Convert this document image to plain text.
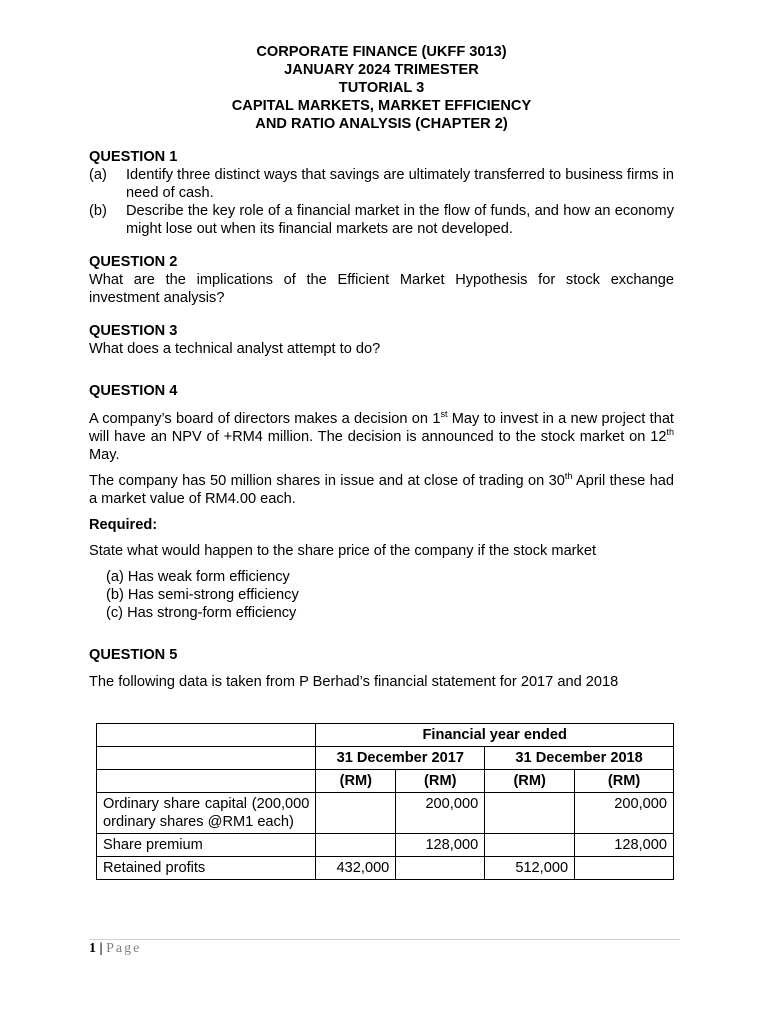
CORPORATE FINANCE (UKFF 3013)
JANUARY 2024 TRIMESTER
TUTORIAL 3
CAPITAL MARKETS, MARKET EFFICIENCY
AND RATIO ANALYSIS (CHAPTER 2)
QUESTION 1
(a)	Identify three distinct ways that savings are ultimately transferred to business firms in need of cash.
(b)	Describe the key role of a financial market in the flow of funds, and how an economy might lose out when its financial markets are not developed.
QUESTION 2

What are the implications of the Efficient Market Hypothesis for stock exchange investment analysis?

QUESTION 3

What does a technical analyst attempt to do?

QUESTION 4

A company’s board of directors makes a decision on 1st May to invest in a new project that will have an NPV of +RM4 million. The decision is announced to the stock market on 12th May.

The company has 50 million shares in issue and at close of trading on 30th April these had a market value of RM4.00 each.

Required:

State what would happen to the share price of the company if the stock market

(a) Has weak form efficiency
(b) Has semi-strong efficiency
(c) Has strong-form efficiency
QUESTION 5

The following data is taken from P Berhad’s financial statement for 2017 and 2018

	Financial year ended			
	31 December 2017		31 December 2018	
	(RM)	(RM)	(RM)	(RM)
Ordinary share capital (200,000 ordinary shares @RM1 each)		200,000		200,000
Share premium		128,000		128,000
Retained profits	432,000		512,000	
1 | Page
